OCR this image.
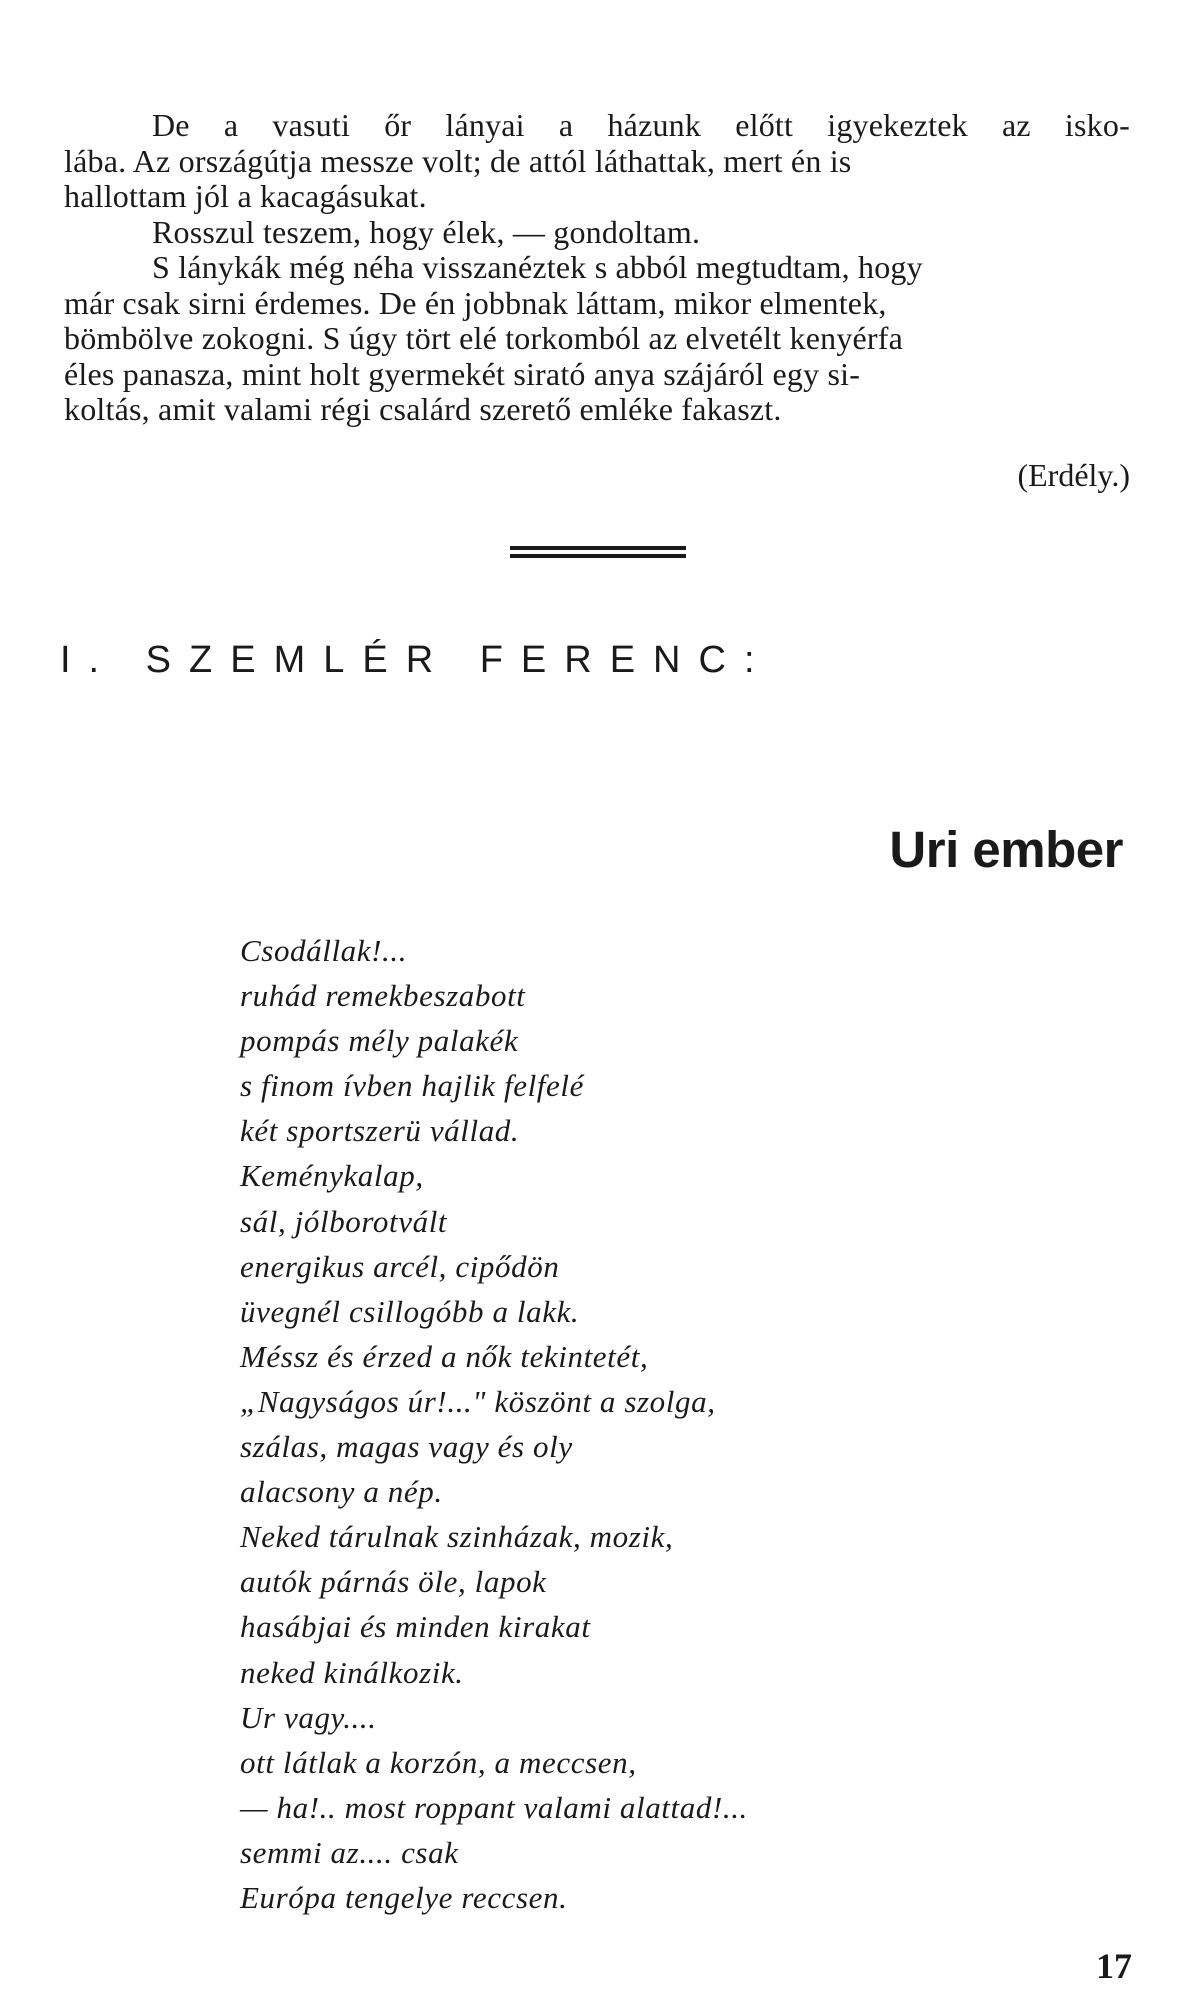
De a vasuti őr lányai a házunk előtt igyekeztek az isko-
lába. Az országútja messze volt; de attól láthattak, mert én is
hallottam jól a kacagásukat.
Rosszul teszem, hogy élek, — gondoltam.
S lánykák még néha visszanéztek s abból megtudtam, hogy
már csak sirni érdemes. De én jobbnak láttam, mikor elmentek,
bömbölve zokogni. S úgy tört elé torkomból az elvetélt kenyérfa
éles panasza, mint holt gyermekét sirató anya szájáról egy si-
koltás, amit valami régi csalárd szerető emléke fakaszt.
(Erdély.)
I. SZEMLÉR FERENC:
Uri ember
Csodállak!...
ruhád remekbeszabott
pompás mély palakék
s finom ívben hajlik felfelé
két sportszerü vállad.
Keménykalap,
sál, jólborotvált
energikus arcél, cipődön
üvegnél csillogóbb a lakk.
Méssz és érzed a nők tekintetét,
„Nagyságos úr!..." köszönt a szolga,
szálas, magas vagy és oly
alacsony a nép.
Neked tárulnak szinházak, mozik,
autók párnás öle, lapok
hasábjai és minden kirakat
neked kinálkozik.
Ur vagy....
ott látlak a korzón, a meccsen,
— ha!.. most roppant valami alattad!...
semmi az.... csak
Európa tengelye reccsen.
17
